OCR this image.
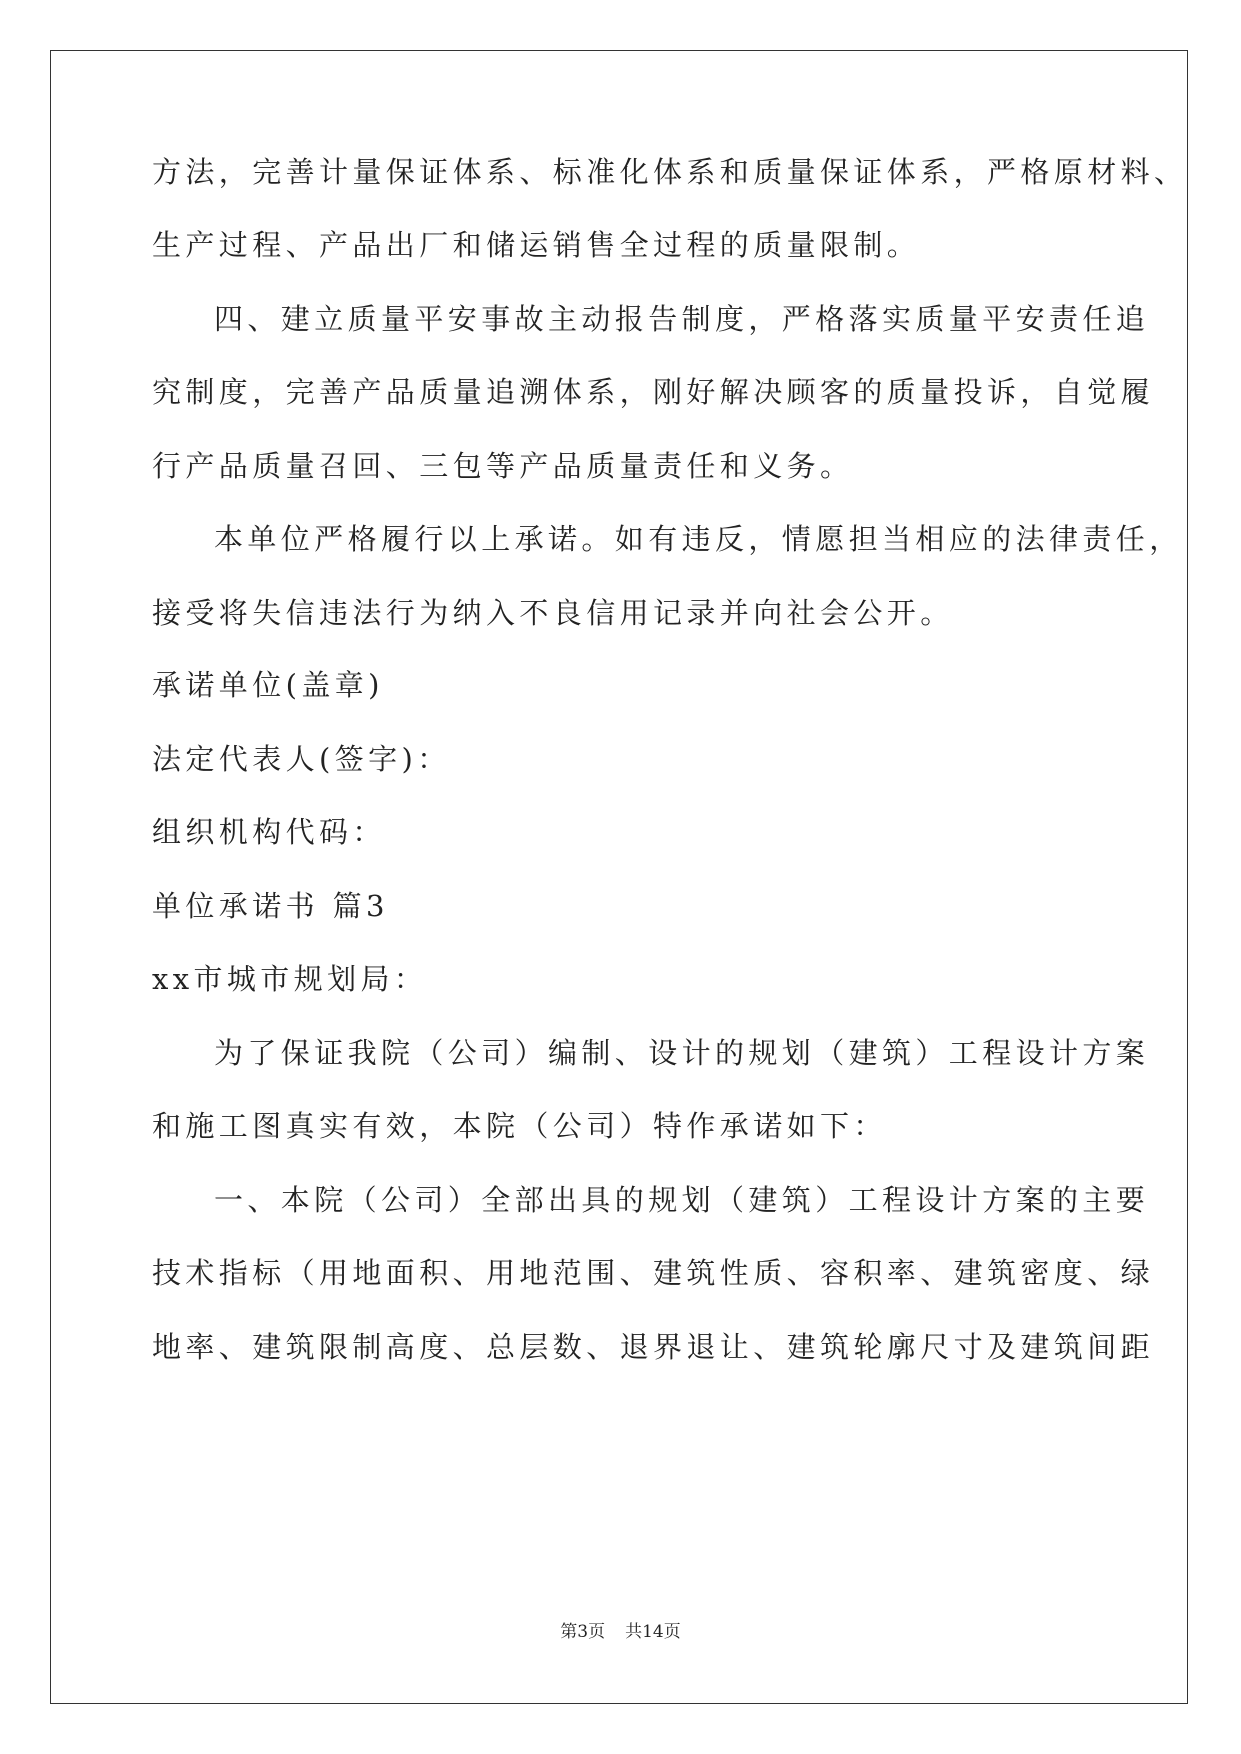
方法，完善计量保证体系、标准化体系和质量保证体系，严格原材料、
生产过程、产品出厂和储运销售全过程的质量限制。
四、建立质量平安事故主动报告制度，严格落实质量平安责任追
究制度，完善产品质量追溯体系，刚好解决顾客的质量投诉，自觉履
行产品质量召回、三包等产品质量责任和义务。
本单位严格履行以上承诺。如有违反，情愿担当相应的法律责任，
接受将失信违法行为纳入不良信用记录并向社会公开。
承诺单位(盖章)
法定代表人(签字)：
组织机构代码：
单位承诺书 篇3
xx市城市规划局：
为了保证我院（公司）编制、设计的规划（建筑）工程设计方案
和施工图真实有效，本院（公司）特作承诺如下：
一、本院（公司）全部出具的规划（建筑）工程设计方案的主要
技术指标（用地面积、用地范围、建筑性质、容积率、建筑密度、绿
地率、建筑限制高度、总层数、退界退让、建筑轮廓尺寸及建筑间距
第3页 共14页
